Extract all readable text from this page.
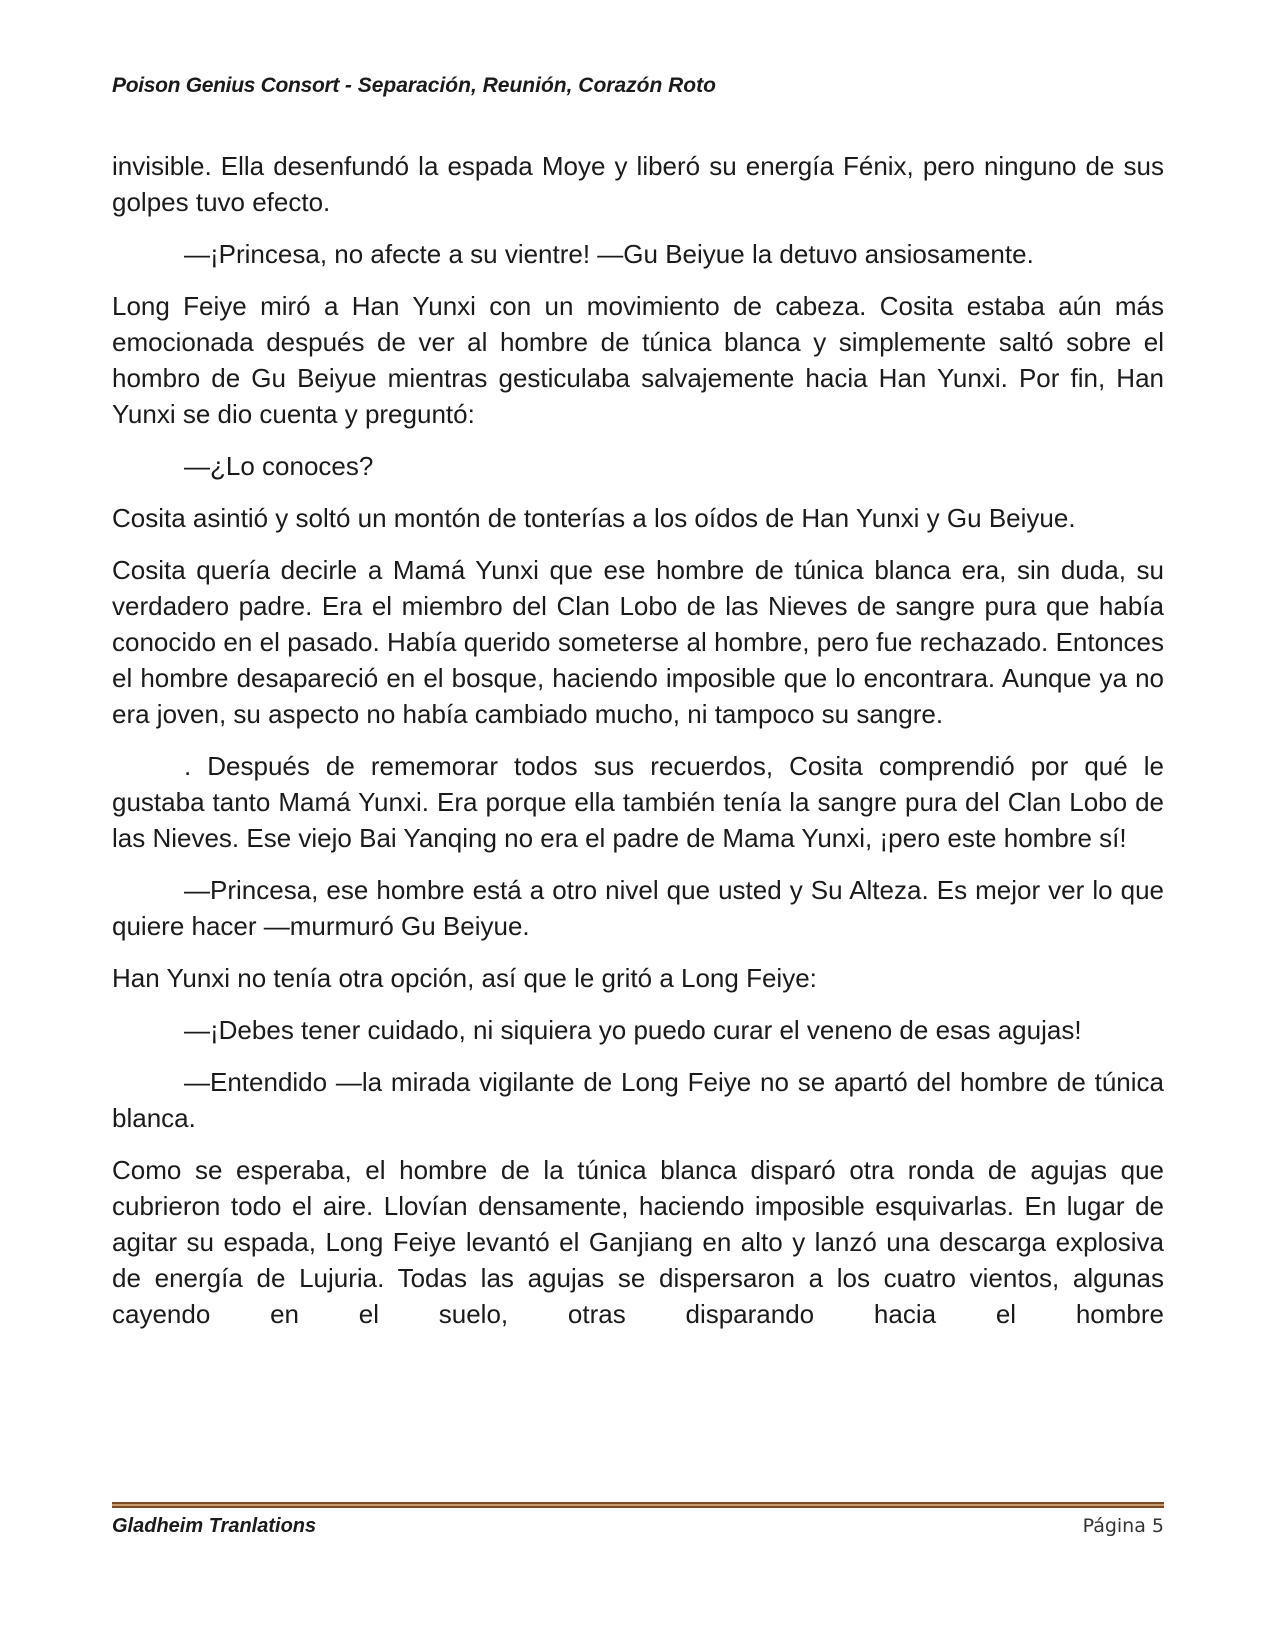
Poison Genius Consort - Separación, Reunión, Corazón Roto

invisible. Ella desenfundó la espada Moye y liberó su energía Fénix, pero ninguno de sus golpes tuvo efecto.

—¡Princesa, no afecte a su vientre! —Gu Beiyue la detuvo ansiosamente.

Long Feiye miró a Han Yunxi con un movimiento de cabeza. Cosita estaba aún más emocionada después de ver al hombre de túnica blanca y simplemente saltó sobre el hombro de Gu Beiyue mientras gesticulaba salvajemente hacia Han Yunxi. Por fin, Han Yunxi se dio cuenta y preguntó:

—¿Lo conoces?

Cosita asintió y soltó un montón de tonterías a los oídos de Han Yunxi y Gu Beiyue.

Cosita quería decirle a Mamá Yunxi que ese hombre de túnica blanca era, sin duda, su verdadero padre. Era el miembro del Clan Lobo de las Nieves de sangre pura que había conocido en el pasado. Había querido someterse al hombre, pero fue rechazado. Entonces el hombre desapareció en el bosque, haciendo imposible que lo encontrara. Aunque ya no era joven, su aspecto no había cambiado mucho, ni tampoco su sangre.

. Después de rememorar todos sus recuerdos, Cosita comprendió por qué le gustaba tanto Mamá Yunxi. Era porque ella también tenía la sangre pura del Clan Lobo de las Nieves. Ese viejo Bai Yanqing no era el padre de Mama Yunxi, ¡pero este hombre sí!

—Princesa, ese hombre está a otro nivel que usted y Su Alteza. Es mejor ver lo que quiere hacer —murmuró Gu Beiyue.

Han Yunxi no tenía otra opción, así que le gritó a Long Feiye:

—¡Debes tener cuidado, ni siquiera yo puedo curar el veneno de esas agujas!

—Entendido —la mirada vigilante de Long Feiye no se apartó del hombre de túnica blanca.

Como se esperaba, el hombre de la túnica blanca disparó otra ronda de agujas que cubrieron todo el aire. Llovían densamente, haciendo imposible esquivarlas. En lugar de agitar su espada, Long Feiye levantó el Ganjiang en alto y lanzó una descarga explosiva de energía de Lujuria. Todas las agujas se dispersaron a los cuatro vientos, algunas cayendo en el suelo, otras disparando hacia el hombre

Gladheim Tranlations	Página 5
